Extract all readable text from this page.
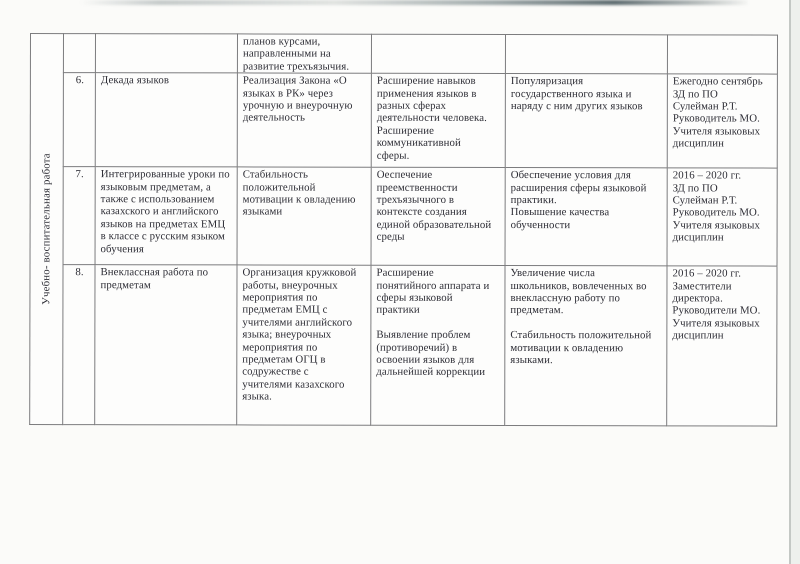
Учебно- воспитательная работа			планов курсами,
направленными на
развитие трехъязычия.			
6.	Декада языков	Реализация Закона «О
языках в РК» через
урочную и внеурочную
деятельность	Расширение навыков
применения языков в
разных сферах
деятельности человека.
Расширение
коммуникативной
сферы.	Популяризация
государственного языка и
наряду с ним других языков	Ежегодно сентябрь
ЗД по ПО
Сулейман Р.Т.
Руководитель МО.
Учителя языковых
дисциплин
7.	Интегрированные уроки по
языковым предметам, а
также с использованием
казахского и английского
языков на предметах ЕМЦ
в классе с русским языком
обучения	Стабильность
положительной
мотивации к овладению
языками	Оеспечение
преемственности
трехъязычного в
контексте создания
единой образовательной
среды	Обеспечение условия для
расширения сферы языковой
практики.
Повышение качества
обученности	2016 – 2020 гг.
ЗД по ПО
Сулейман Р.Т.
Руководитель МО.
Учителя языковых
дисциплин
8.	Внеклассная работа по
предметам	Организация кружковой
работы, внеурочных
мероприятия по
предметам ЕМЦ с
учителями английского
языка; внеурочных
мероприятия по
предметам ОГЦ в
содружестве с
учителями казахского
языка.	Расширение
понятийного аппарата и
сферы языковой
практики

Выявление проблем
(противоречий) в
освоении языков для
дальнейшей коррекции	Увеличение числа
школьников, вовлеченных во
внеклассную работу по
предметам.

Стабильность положительной
мотивации к овладению
языками.	2016 – 2020 гг.
Заместители
директора.
Руководители МО.
Учителя языковых
дисциплин
